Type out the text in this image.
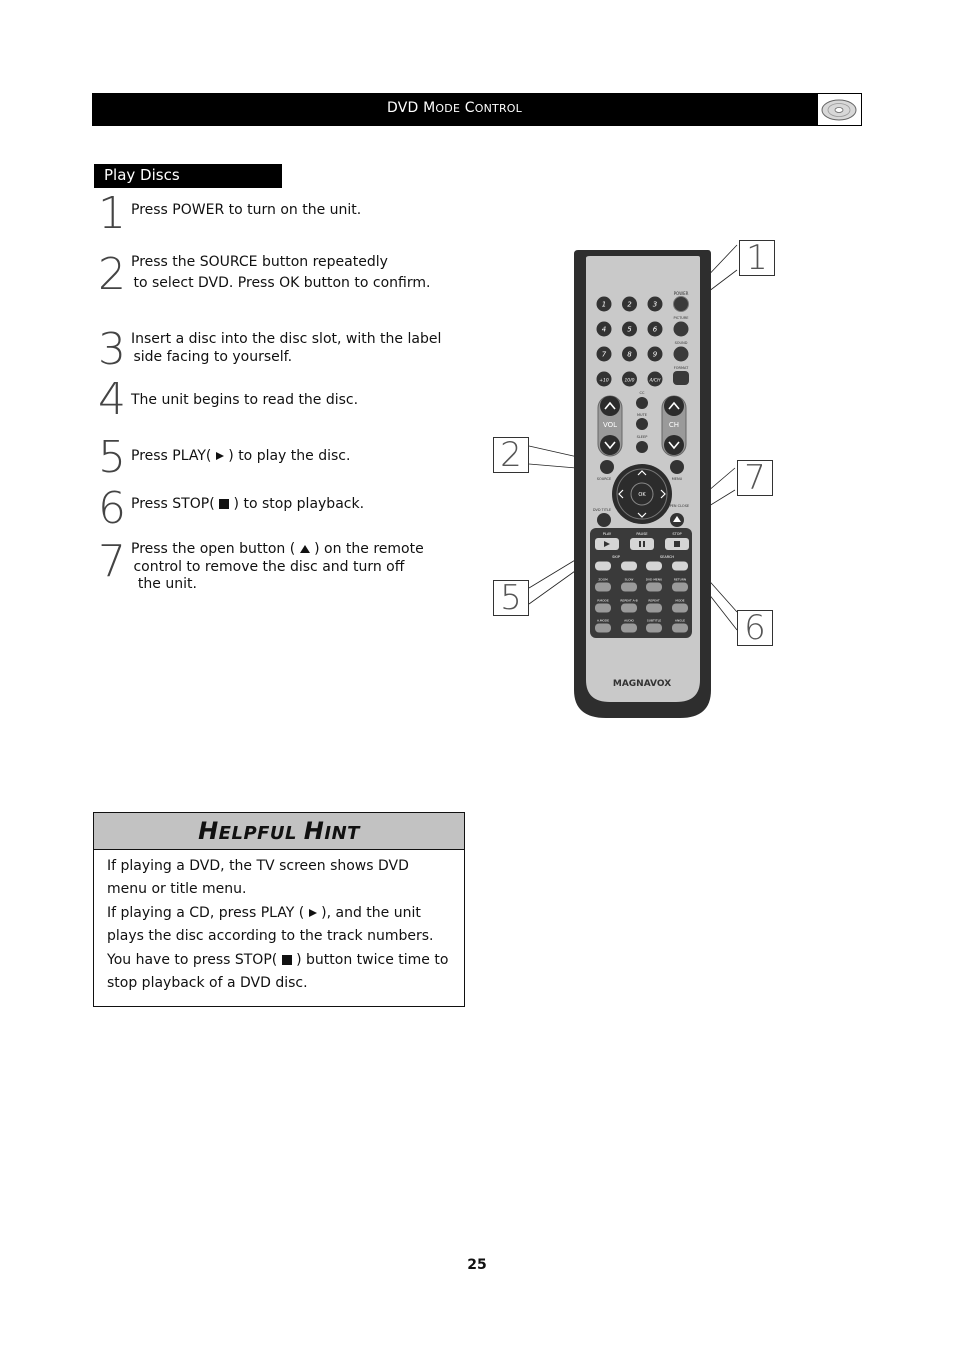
DVD MODE CONTROL
Play Discs
1 Press POWER to turn on the unit.
2 Press the SOURCE button repeatedly
to select DVD. Press OK button to confirm.
3 Insert a disc into the disc slot, with the label
side facing to yourself.
4 The unit begins to read the disc.
5 Press PLAY(  ) to play the disc.
6 Press STOP(  ) to stop playback.
7 Press the open button (  ) on the remote
control to remove the disc and turn off
the unit.
POWER
1	2	3
4	5	6
7	8	9
+10	10/0	A/CH
PICTURE
SOUND
FORMAT
VOL	CH
CC
MUTE
SLEEP
SOURCE	MENU
OK
DVD TITLE
OPEN CLOSE
PLAY	PAUSE	STOP
SKIP	SEARCH
ZOOM	SLOW	DVD MENU	RETURN
P.MODE	REPEAT A-B	REPEAT	MODE
A.MODE	AUDIO	SUBTITLE	ANGLE
MAGNAVOX
1
2
7
5
6
HELPFUL HINT
If playing a DVD, the TV screen shows DVD
menu or title menu.
If playing a CD, press PLAY (  ), and the unit
plays the disc according to the track numbers.
You have to press STOP(  ) button twice time to
stop playback of a DVD disc.
25
